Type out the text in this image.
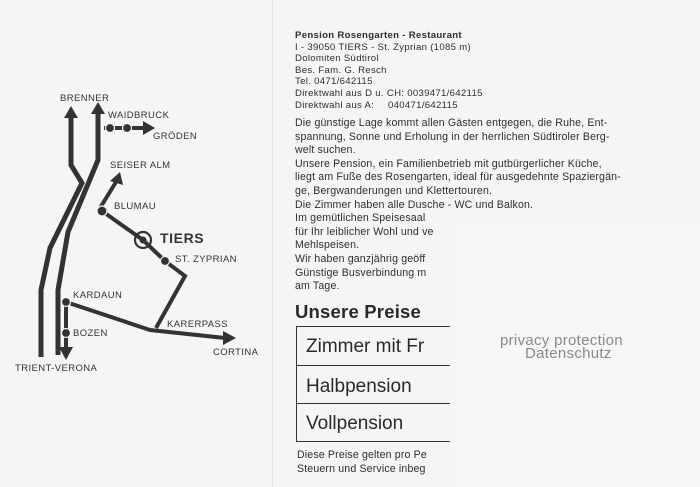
BRENNER
WAIDBRUCK
GRÖDEN
SEISER ALM
BLUMAU
TIERS
ST. ZYPRIAN
KARDAUN
KARERPASS
BOZEN
CORTINA
TRIENT-VERONA
Pension Rosengarten - Restaurant
I - 39050 TIERS - St. Zyprian (1085 m)
Dolomiten Südtirol
Bes. Fam. G. Resch
Tel. 0471/642115
Direktwahl aus D u. CH: 0039471/642115
Direktwahl aus A: 040471/642115
Die günstige Lage kommt allen Gästen entgegen, die Ruhe, Ent-
spannung, Sonne und Erholung in der herrlichen Südtiroler Berg-
welt suchen.
Unsere Pension, ein Familienbetrieb mit gutbürgerlicher Küche,
liegt am Fuße des Rosengarten, ideal für ausgedehnte Spaziergän-
ge, Bergwanderungen und Klettertouren.
Die Zimmer haben alle Dusche - WC und Balkon.
Im gemütlichen Speisesaal
für Ihr leiblicher Wohl und ve
Mehlspeisen.
Wir haben ganzjährig geöff
Günstige Busverbindung m
am Tage.
Unsere Preise
Zimmer mit Fr
Halbpension
Vollpension
Diese Preise gelten pro Pe
Steuern und Service inbeg
privacy protection
Datenschutz
